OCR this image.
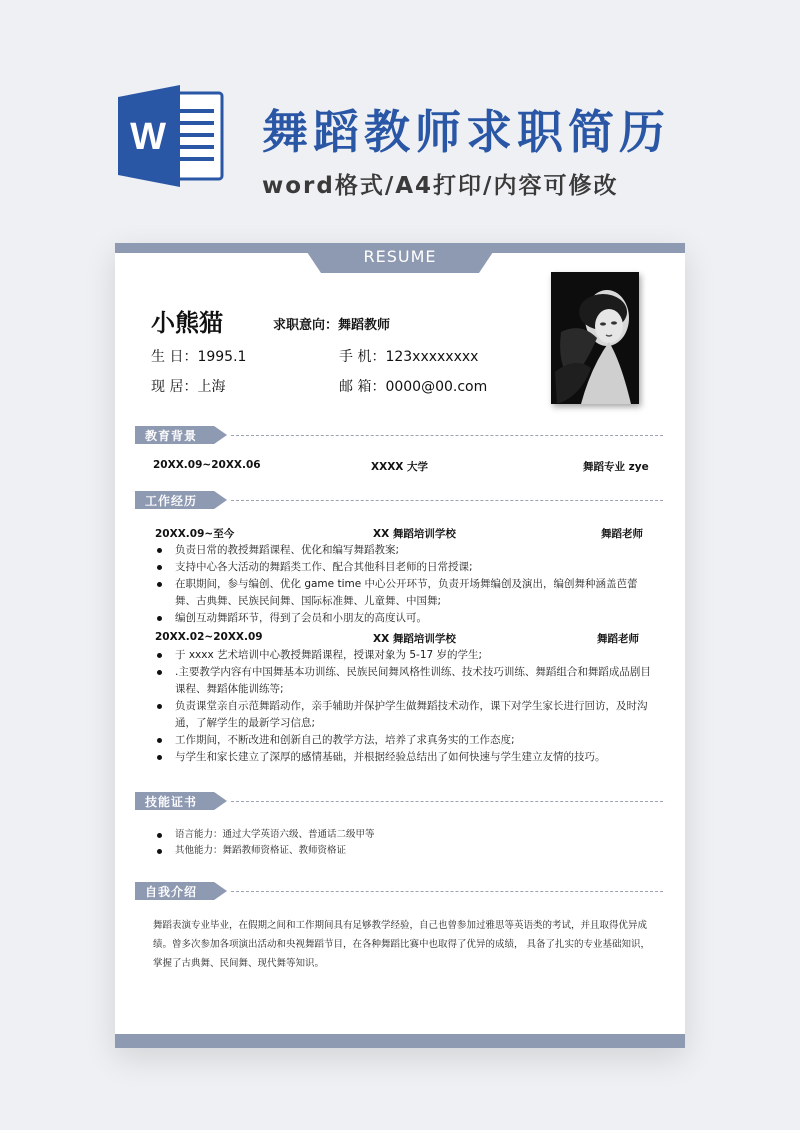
W 舞蹈教师求职简历
word格式/A4打印/内容可修改
RESUME
小熊猫	求职意向：舞蹈教师
生 日：1995.1	手 机：123xxxxxxxx
现 居：上海	邮 箱：0000@00.com
教育背景
20XX.09~20XX.06	XXXX 大学	舞蹈专业 zye
工作经历
20XX.09~至今	XX 舞蹈培训学校	舞蹈老师
负责日常的教授舞蹈课程、优化和编写舞蹈教案;
支持中心各大活动的舞蹈类工作、配合其他科目老师的日常授课;
在职期间，参与编创、优化 game time 中心公开环节，负责开场舞编创及演出，编创舞种涵盖芭蕾舞、古典舞、民族民间舞、国际标准舞、儿童舞、中国舞;
编创互动舞蹈环节，得到了会员和小朋友的高度认可。
20XX.02~20XX.09	XX 舞蹈培训学校	舞蹈老师
于 xxxx 艺术培训中心教授舞蹈课程，授课对象为 5-17 岁的学生;
.主要教学内容有中国舞基本功训练、民族民间舞风格性训练、技术技巧训练、舞蹈组合和舞蹈成品剧目课程、舞蹈体能训练等;
负责课堂亲自示范舞蹈动作，亲手辅助并保护学生做舞蹈技术动作，课下对学生家长进行回访，及时沟通，了解学生的最新学习信息;
工作期间，不断改进和创新自己的教学方法，培养了求真务实的工作态度;
与学生和家长建立了深厚的感情基础，并根据经验总结出了如何快速与学生建立友情的技巧。
技能证书
语言能力：通过大学英语六级、普通话二级甲等
其他能力：舞蹈教师资格证、教师资格证
自我介绍
舞蹈表演专业毕业，在假期之间和工作期间具有足够教学经验，自己也曾参加过雅思等英语类的考试，并且取得优异成绩。曾多次参加各项演出活动和央视舞蹈节目，在各种舞蹈比赛中也取得了优异的成绩， 具备了扎实的专业基础知识，掌握了古典舞、民间舞、现代舞等知识。
